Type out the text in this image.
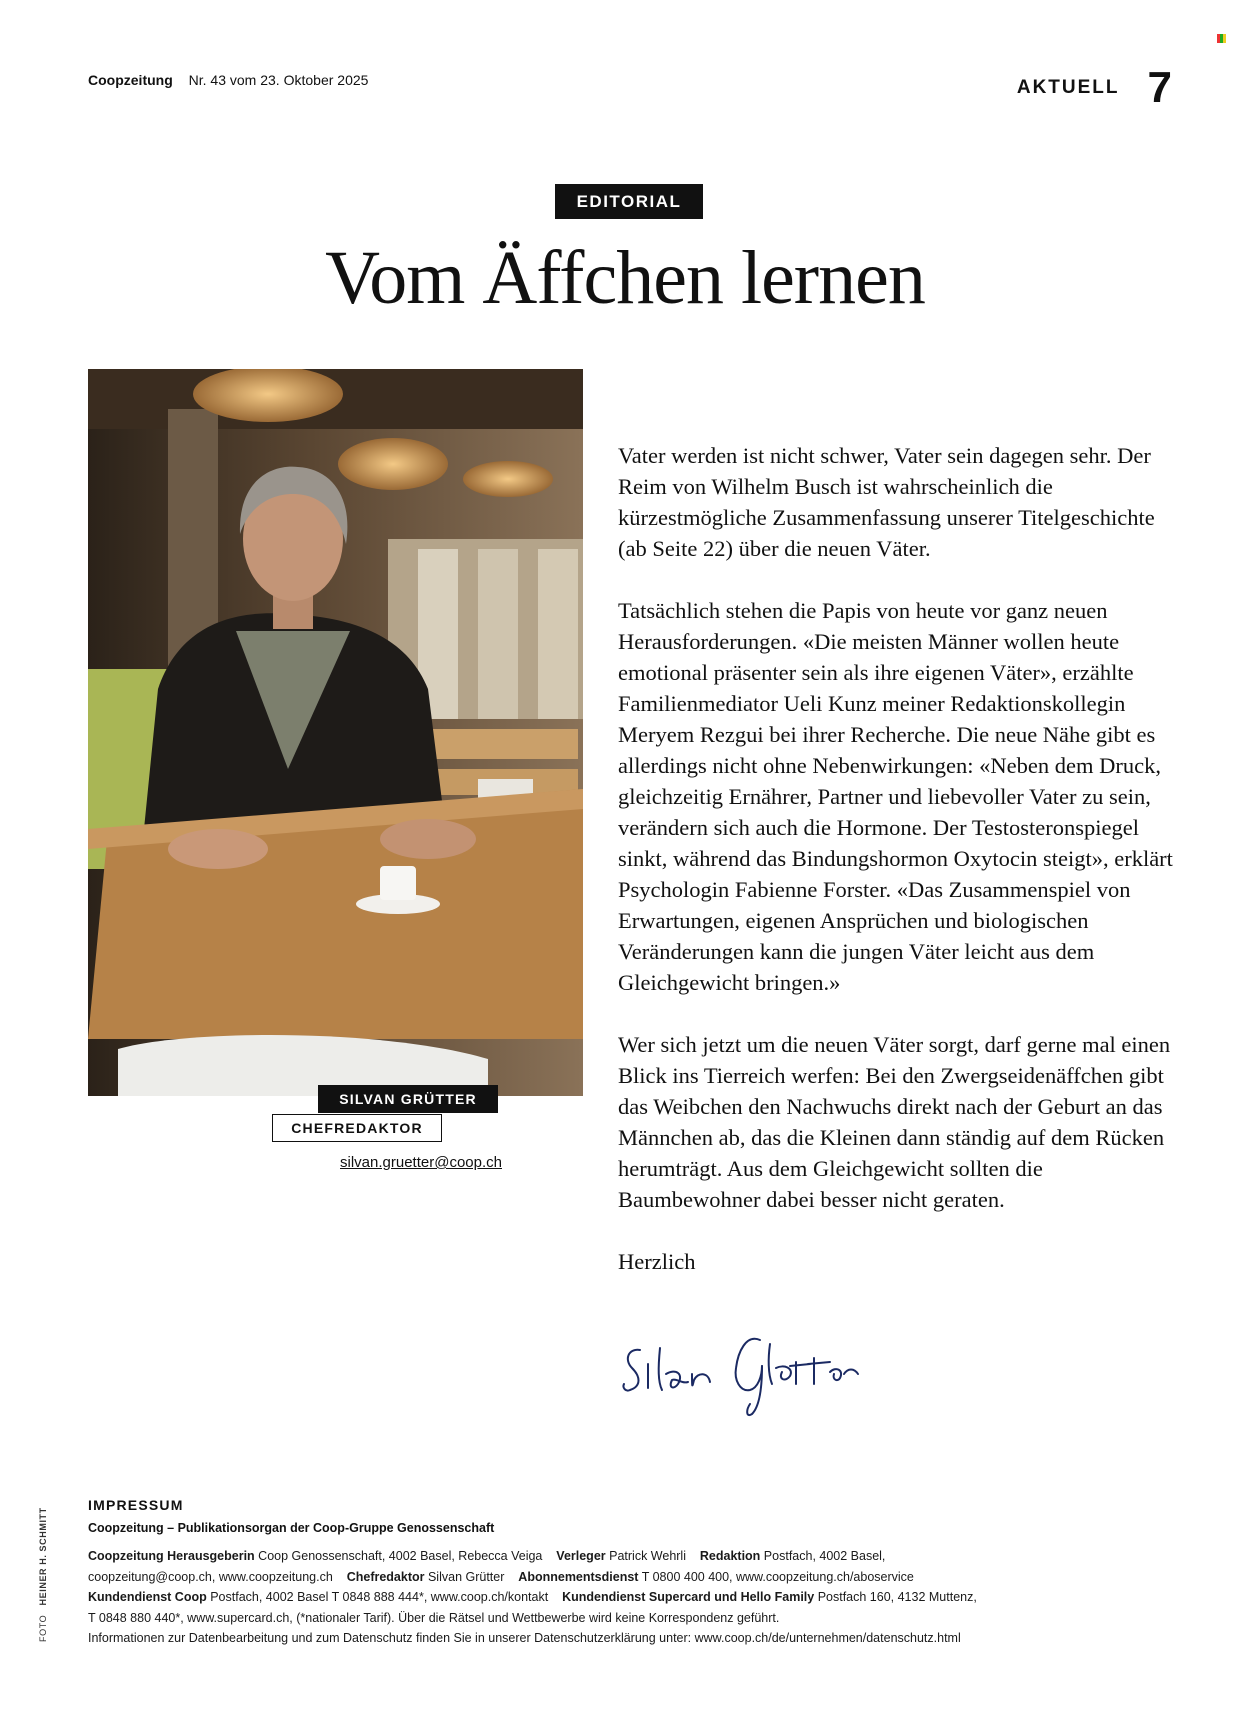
Coopzeitung Nr. 43 vom 23. Oktober 2025	AKTUELL 7
EDITORIAL
Vom Äffchen lernen
SILVAN GRÜTTER
CHEFREDAKTOR
silvan.gruetter@coop.ch

Vater werden ist nicht schwer, Vater sein dagegen sehr. Der Reim von Wilhelm Busch ist wahrscheinlich die kürzestmögliche Zusammenfassung unserer Titelgeschichte (ab Seite 22) über die neuen Väter.

Tatsächlich stehen die Papis von heute vor ganz neuen Herausforderungen. «Die meisten Männer wollen heute emotional präsenter sein als ihre eigenen Väter», erzählte Familienmediator Ueli Kunz meiner Redaktionskollegin Meryem Rezgui bei ihrer Recherche. Die neue Nähe gibt es allerdings nicht ohne Nebenwirkungen: «Neben dem Druck, gleichzeitig Ernährer, Partner und liebevoller Vater zu sein, verändern sich auch die Hormone. Der Testosteronspiegel sinkt, während das Bindungshormon Oxytocin steigt», erklärt Psychologin Fabienne Forster. «Das Zusammenspiel von Erwartungen, eigenen Ansprüchen und biologischen Veränderungen kann die jungen Väter leicht aus dem Gleichgewicht bringen.»

Wer sich jetzt um die neuen Väter sorgt, darf gerne mal einen Blick ins Tierreich werfen: Bei den Zwergseidenäffchen gibt das Weibchen den Nachwuchs direkt nach der Geburt an das Männchen ab, das die Kleinen dann ständig auf dem Rücken herumträgt. Aus dem Gleichgewicht sollten die Baumbewohner dabei besser nicht geraten.

Herzlich

FOTO   HEINER H. SCHMITT
IMPRESSUM
Coopzeitung – Publikationsorgan der Coop-Gruppe Genossenschaft
Coopzeitung Herausgeberin Coop Genossenschaft, 4002 Basel, Rebecca Veiga Verleger Patrick Wehrli Redaktion Postfach, 4002 Basel,
coopzeitung@coop.ch, www.coopzeitung.ch Chefredaktor Silvan Grütter Abonnementsdienst T 0800 400 400, www.coopzeitung.ch/aboservice
Kundendienst Coop Postfach, 4002 Basel T 0848 888 444*, www.coop.ch/kontakt Kundendienst Supercard und Hello Family Postfach 160, 4132 Muttenz,
T 0848 880 440*, www.supercard.ch, (*nationaler Tarif). Über die Rätsel und Wettbewerbe wird keine Korrespondenz geführt.
Informationen zur Datenbearbeitung und zum Datenschutz finden Sie in unserer Datenschutzerklärung unter: www.coop.ch/de/unternehmen/datenschutz.html
